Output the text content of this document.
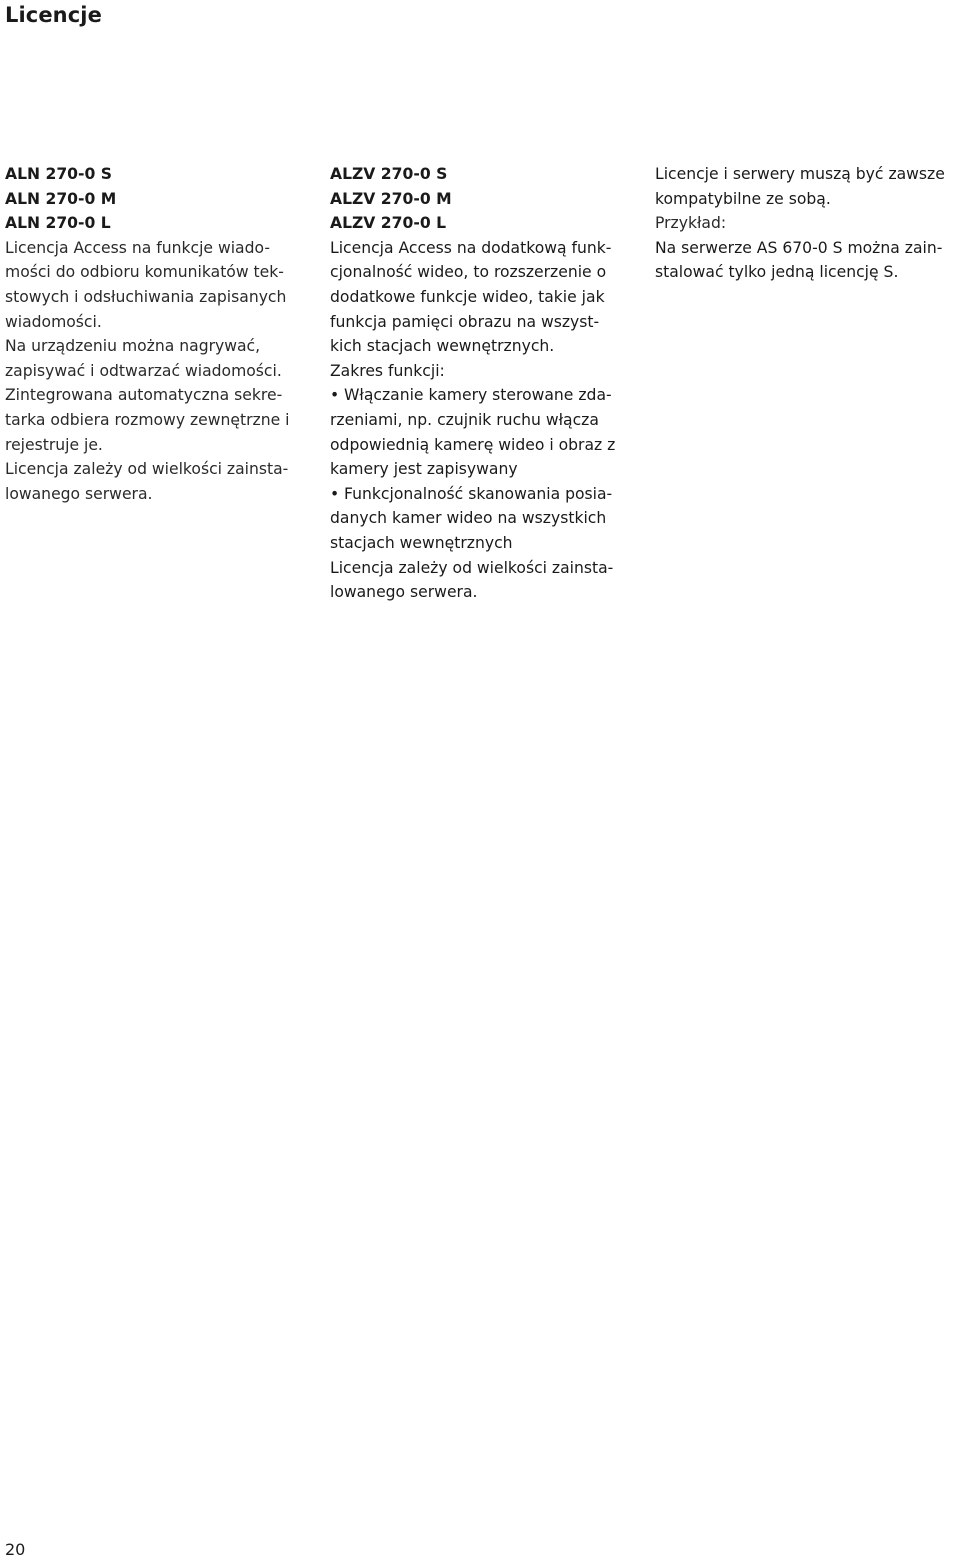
Licencje
ALN 270-0 S
ALN 270-0 M
ALN 270-0 L
Licencja Access na funkcje wiado-
mości do odbioru komunikatów tek-
stowych i odsłuchiwania zapisanych
wiadomości.
Na urządzeniu można nagrywać,
zapisywać i odtwarzać wiadomości.
Zintegrowana automatyczna sekre-
tarka odbiera rozmowy zewnętrzne i
rejestruje je.
Licencja zależy od wielkości zainsta-
lowanego serwera.
ALZV 270-0 S
ALZV 270-0 M
ALZV 270-0 L
Licencja Access na dodatkową funk-
cjonalność wideo, to rozszerzenie o
dodatkowe funkcje wideo, takie jak
funkcja pamięci obrazu na wszyst-
kich stacjach wewnętrznych.
Zakres funkcji:
• Włączanie kamery sterowane zda-
rzeniami, np. czujnik ruchu włącza
odpowiednią kamerę wideo i obraz z
kamery jest zapisywany
• Funkcjonalność skanowania posia-
danych kamer wideo na wszystkich
stacjach wewnętrznych
Licencja zależy od wielkości zainsta-
lowanego serwera.
Licencje i serwery muszą być zawsze
kompatybilne ze sobą.
Przykład:
Na serwerze AS 670-0 S można zain-
stalować tylko jedną licencję S.
20
